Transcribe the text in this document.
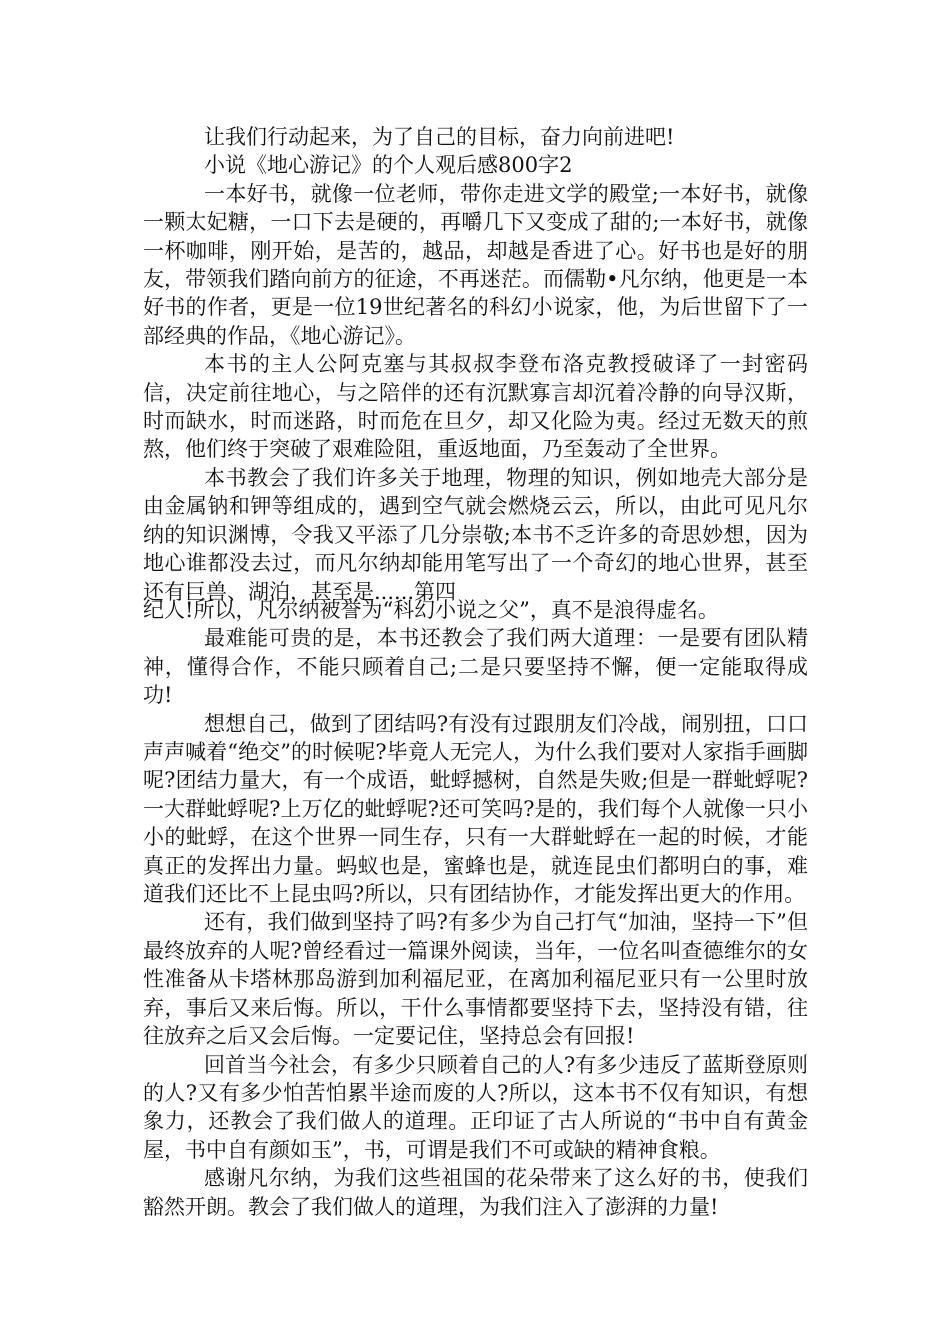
让我们行动起来，为了自己的目标，奋力向前进吧!

小说《地心游记》的个人观后感800字2

一本好书，就像一位老师，带你走进文学的殿堂;一本好书，就像一颗太妃糖，一口下去是硬的，再嚼几下又变成了甜的;一本好书，就像一杯咖啡，刚开始，是苦的，越品，却越是香进了心。好书也是好的朋友，带领我们踏向前方的征途，不再迷茫。而儒勒•凡尔纳，他更是一本好书的作者，更是一位19世纪著名的科幻小说家，他，为后世留下了一部经典的作品，《地心游记》。

本书的主人公阿克塞与其叔叔李登布洛克教授破译了一封密码信，决定前往地心，与之陪伴的还有沉默寡言却沉着冷静的向导汉斯，时而缺水，时而迷路，时而危在旦夕，却又化险为夷。经过无数天的煎熬，他们终于突破了艰难险阻，重返地面，乃至轰动了全世界。

本书教会了我们许多关于地理，物理的知识，例如地壳大部分是由金属钠和钾等组成的，遇到空气就会燃烧云云，所以，由此可见凡尔纳的知识渊博，令我又平添了几分崇敬;本书不乏许多的奇思妙想，因为地心谁都没去过，而凡尔纳却能用笔写出了一个奇幻的地心世界，甚至还有巨兽、湖泊，甚至是......第四

纪人!所以，凡尔纳被誉为“科幻小说之父”，真不是浪得虚名。

最难能可贵的是，本书还教会了我们两大道理：一是要有团队精神，懂得合作，不能只顾着自己;二是只要坚持不懈，便一定能取得成功!

想想自己，做到了团结吗?有没有过跟朋友们冷战，闹别扭，口口声声喊着“绝交”的时候呢?毕竟人无完人，为什么我们要对人家指手画脚呢?团结力量大，有一个成语，蚍蜉撼树，自然是失败;但是一群蚍蜉呢?一大群蚍蜉呢?上万亿的蚍蜉呢?还可笑吗?是的，我们每个人就像一只小小的蚍蜉，在这个世界一同生存，只有一大群蚍蜉在一起的时候，才能真正的发挥出力量。蚂蚁也是，蜜蜂也是，就连昆虫们都明白的事，难道我们还比不上昆虫吗?所以，只有团结协作，才能发挥出更大的作用。

还有，我们做到坚持了吗?有多少为自己打气“加油，坚持一下”但最终放弃的人呢?曾经看过一篇课外阅读，当年，一位名叫查德维尔的女性准备从卡塔林那岛游到加利福尼亚，在离加利福尼亚只有一公里时放弃，事后又来后悔。所以，干什么事情都要坚持下去，坚持没有错，往往放弃之后又会后悔。一定要记住，坚持总会有回报!

回首当今社会，有多少只顾着自己的人?有多少违反了蓝斯登原则的人?又有多少怕苦怕累半途而废的人?所以，这本书不仅有知识，有想象力，还教会了我们做人的道理。正印证了古人所说的“书中自有黄金屋，书中自有颜如玉”，书，可谓是我们不可或缺的精神食粮。

感谢凡尔纳，为我们这些祖国的花朵带来了这么好的书，使我们豁然开朗。教会了我们做人的道理，为我们注入了澎湃的力量!
